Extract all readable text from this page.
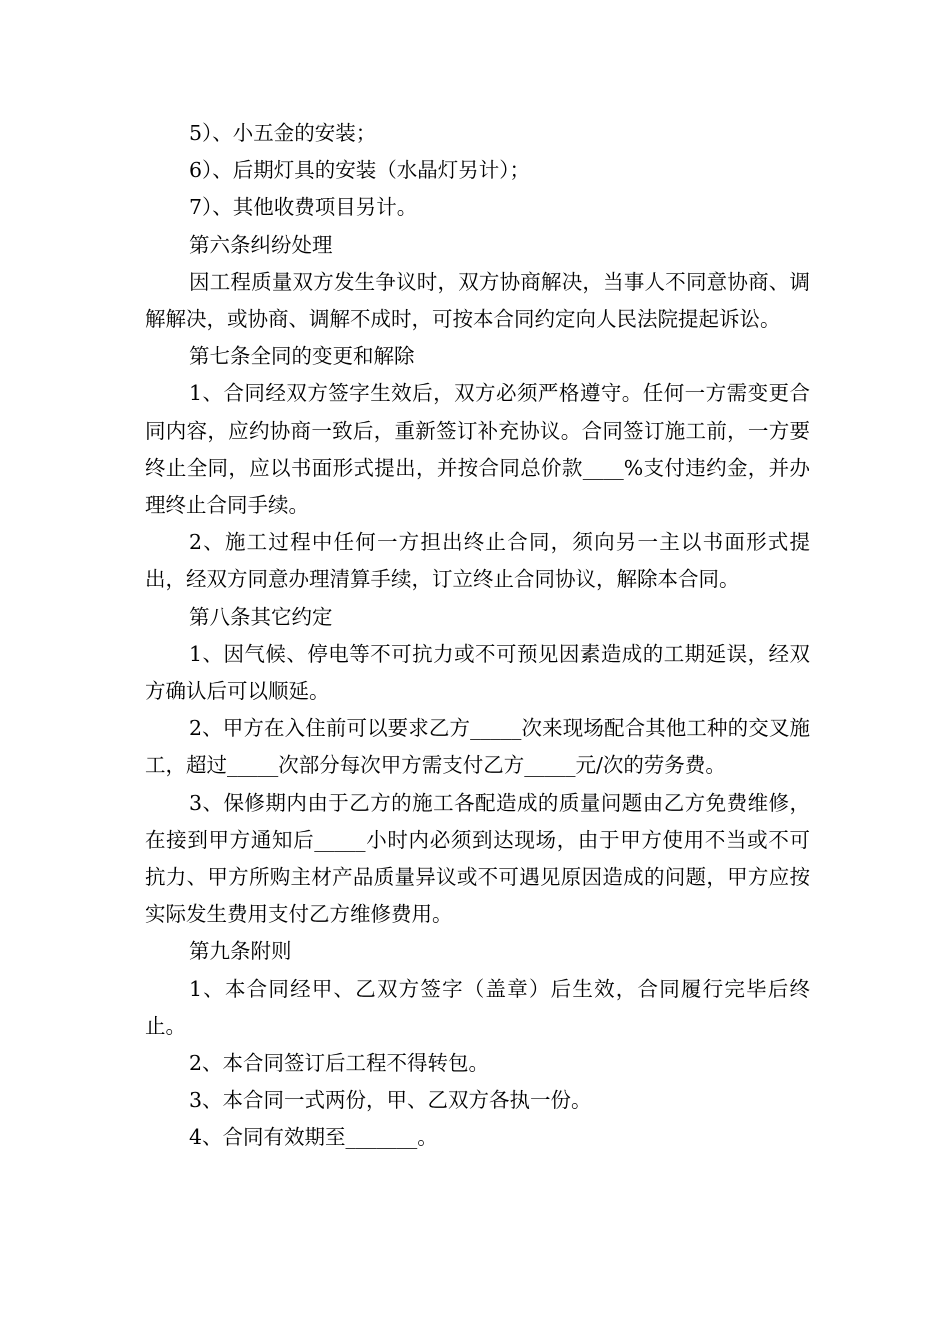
5）、小五金的安装；

6）、后期灯具的安装（水晶灯另计）；

7）、其他收费项目另计。

第六条纠纷处理

因工程质量双方发生争议时，双方协商解决，当事人不同意协商、调解解决，或协商、调解不成时，可按本合同约定向人民法院提起诉讼。

第七条全同的变更和解除

1、合同经双方签字生效后，双方必须严格遵守。任何一方需变更合同内容，应约协商一致后，重新签订补充协议。合同签订施工前，一方要终止全同，应以书面形式提出，并按合同总价款____%支付违约金，并办理终止合同手续。

2、施工过程中任何一方担出终止合同，须向另一主以书面形式提出，经双方同意办理清算手续，订立终止合同协议，解除本合同。

第八条其它约定

1、因气候、停电等不可抗力或不可预见因素造成的工期延误，经双方确认后可以顺延。

2、甲方在入住前可以要求乙方_____次来现场配合其他工种的交叉施工，超过_____次部分每次甲方需支付乙方_____元/次的劳务费。

3、保修期内由于乙方的施工各配造成的质量问题由乙方免费维修，在接到甲方通知后_____小时内必须到达现场，由于甲方使用不当或不可抗力、甲方所购主材产品质量异议或不可遇见原因造成的问题，甲方应按实际发生费用支付乙方维修费用。

第九条附则

1、本合同经甲、乙双方签字（盖章）后生效，合同履行完毕后终止。

2、本合同签订后工程不得转包。

3、本合同一式两份，甲、乙双方各执一份。

4、合同有效期至_______。
